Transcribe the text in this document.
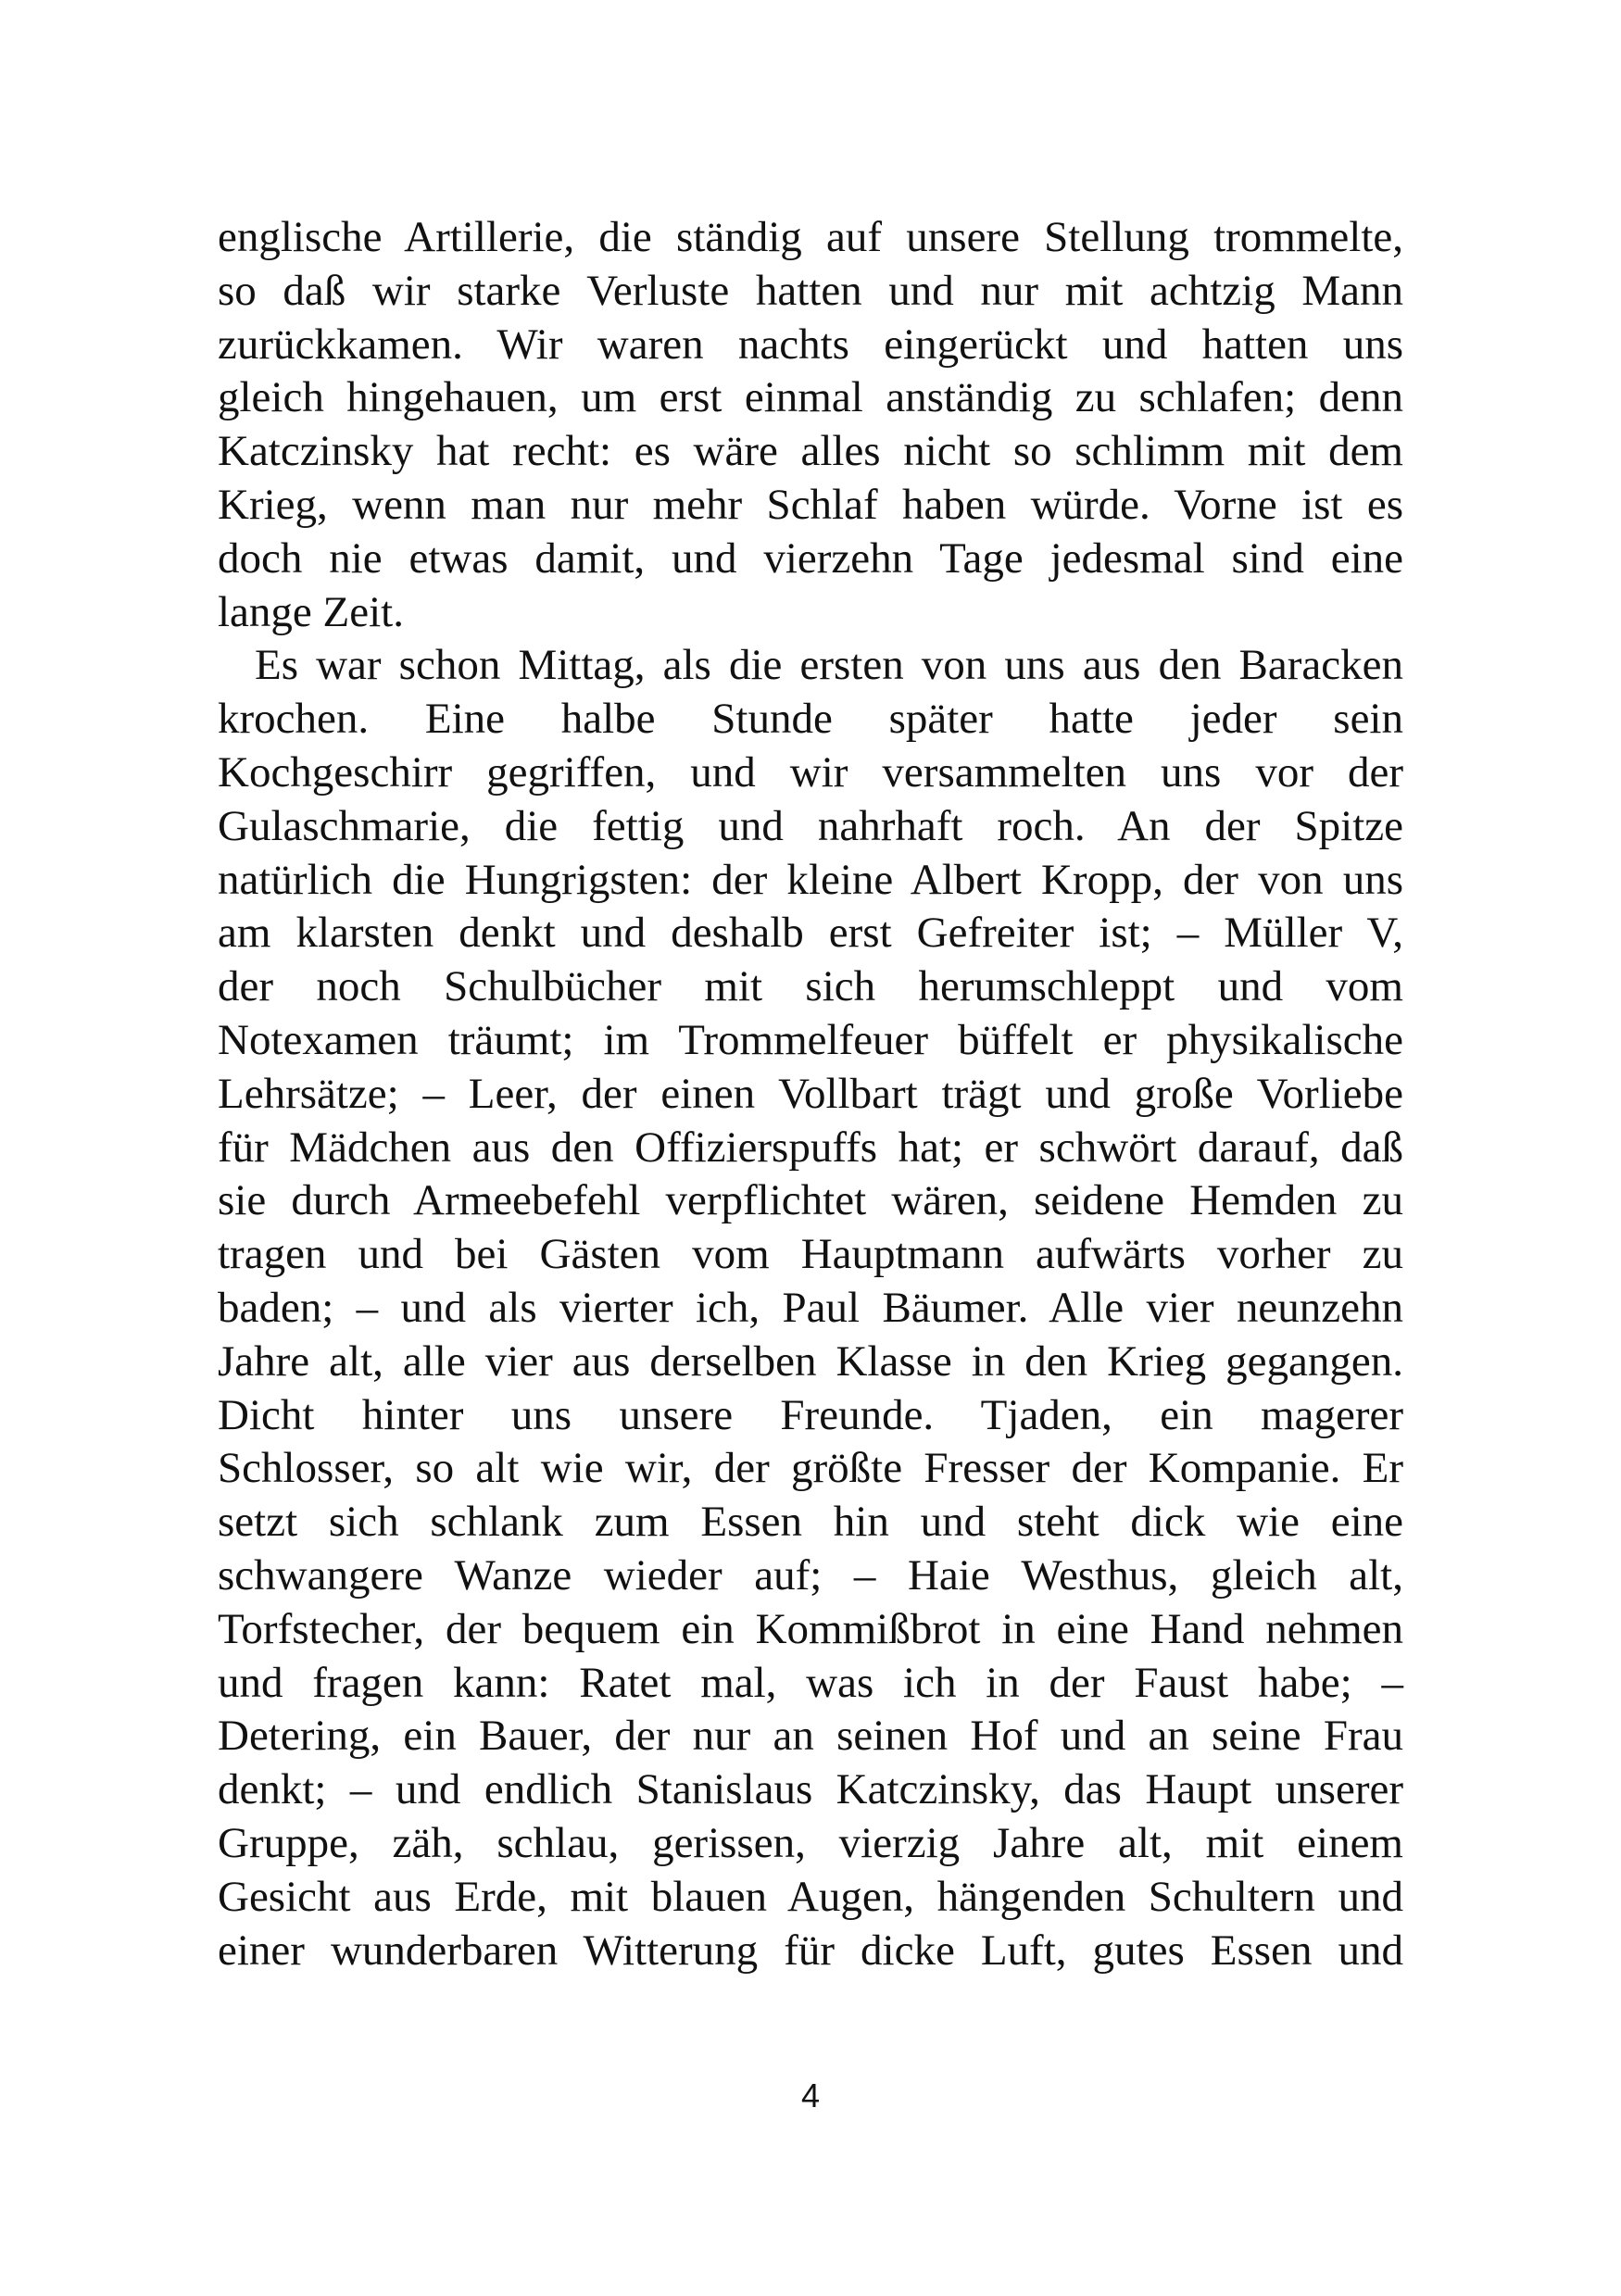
englische Artillerie, die ständig auf unsere Stellung trommelte,
so daß wir starke Verluste hatten und nur mit achtzig Mann
zurückkamen. Wir waren nachts eingerückt und hatten uns
gleich hingehauen, um erst einmal anständig zu schlafen; denn
Katczinsky hat recht: es wäre alles nicht so schlimm mit dem
Krieg, wenn man nur mehr Schlaf haben würde. Vorne ist es
doch nie etwas damit, und vierzehn Tage jedesmal sind eine
lange Zeit.
Es war schon Mittag, als die ersten von uns aus den Baracken
krochen. Eine halbe Stunde später hatte jeder sein
Kochgeschirr gegriffen, und wir versammelten uns vor der
Gulaschmarie, die fettig und nahrhaft roch. An der Spitze
natürlich die Hungrigsten: der kleine Albert Kropp, der von uns
am klarsten denkt und deshalb erst Gefreiter ist; – Müller V,
der noch Schulbücher mit sich herumschleppt und vom
Notexamen träumt; im Trommelfeuer büffelt er physikalische
Lehrsätze; – Leer, der einen Vollbart trägt und große Vorliebe
für Mädchen aus den Offizierspuffs hat; er schwört darauf, daß
sie durch Armeebefehl verpflichtet wären, seidene Hemden zu
tragen und bei Gästen vom Hauptmann aufwärts vorher zu
baden; – und als vierter ich, Paul Bäumer. Alle vier neunzehn
Jahre alt, alle vier aus derselben Klasse in den Krieg gegangen.
Dicht hinter uns unsere Freunde. Tjaden, ein magerer
Schlosser, so alt wie wir, der größte Fresser der Kompanie. Er
setzt sich schlank zum Essen hin und steht dick wie eine
schwangere Wanze wieder auf; – Haie Westhus, gleich alt,
Torfstecher, der bequem ein Kommißbrot in eine Hand nehmen
und fragen kann: Ratet mal, was ich in der Faust habe; –
Detering, ein Bauer, der nur an seinen Hof und an seine Frau
denkt; – und endlich Stanislaus Katczinsky, das Haupt unserer
Gruppe, zäh, schlau, gerissen, vierzig Jahre alt, mit einem
Gesicht aus Erde, mit blauen Augen, hängenden Schultern und
einer wunderbaren Witterung für dicke Luft, gutes Essen und
4
